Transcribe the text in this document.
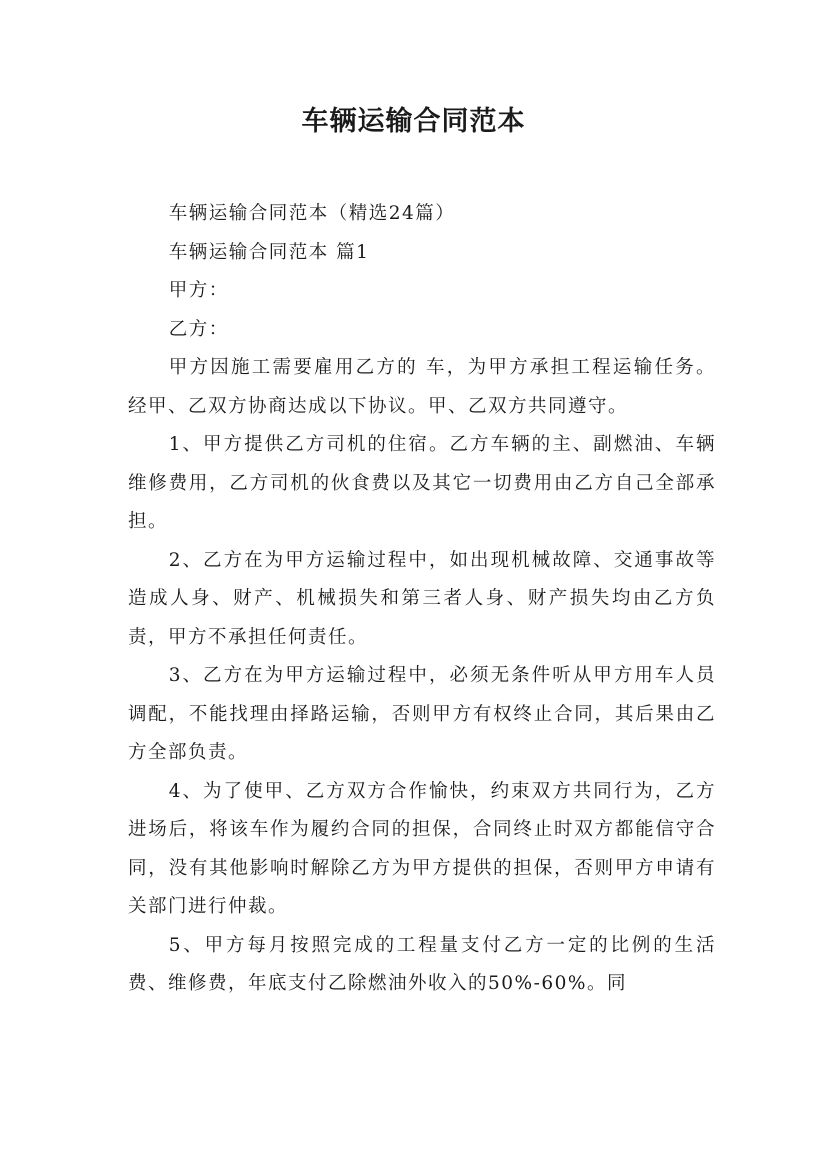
车辆运输合同范本

车辆运输合同范本（精选24篇）

车辆运输合同范本 篇1

甲方：

乙方：

甲方因施工需要雇用乙方的 车，为甲方承担工程运输任务。经甲、乙双方协商达成以下协议。甲、乙双方共同遵守。

1、甲方提供乙方司机的住宿。乙方车辆的主、副燃油、车辆维修费用，乙方司机的伙食费以及其它一切费用由乙方自己全部承担。

2、乙方在为甲方运输过程中，如出现机械故障、交通事故等造成人身、财产、机械损失和第三者人身、财产损失均由乙方负责，甲方不承担任何责任。

3、乙方在为甲方运输过程中，必须无条件听从甲方用车人员调配，不能找理由择路运输，否则甲方有权终止合同，其后果由乙方全部负责。

4、为了使甲、乙方双方合作愉快，约束双方共同行为，乙方进场后，将该车作为履约合同的担保，合同终止时双方都能信守合同，没有其他影响时解除乙方为甲方提供的担保，否则甲方申请有关部门进行仲裁。

5、甲方每月按照完成的工程量支付乙方一定的比例的生活费、维修费，年底支付乙除燃油外收入的50%-60%。同
